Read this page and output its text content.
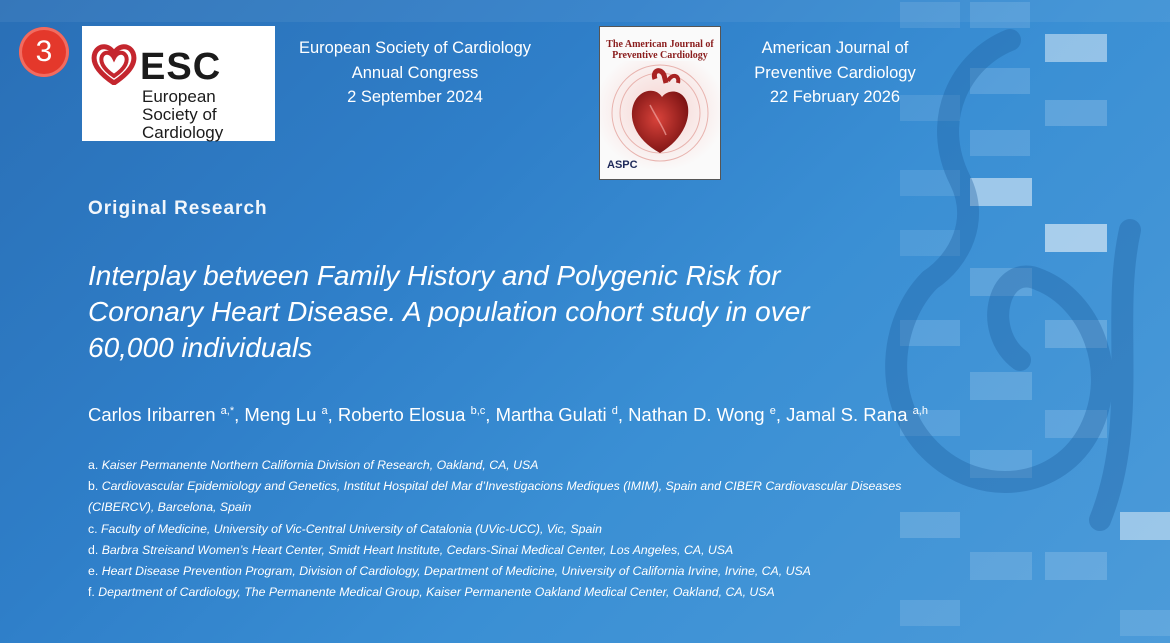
3 ESC
European Society of Cardiology
European Society of Cardiology
Annual Congress
2 September 2024
The American Journal of Preventive Cardiology
ASPC
American Journal of
Preventive Cardiology
22 February 2026
Original Research
Interplay between Family History and Polygenic Risk for Coronary Heart Disease. A population cohort study in over 60,000 individuals
Carlos Iribarren $^{a,*}$, Meng Lu $^a$, Roberto Elosua $^{b,c}$, Martha Gulati $^d$, Nathan D. Wong $^e$, Jamal S. Rana $^{a,h}$
a. Kaiser Permanente Northern California Division of Research, Oakland, CA, USA
b. Cardiovascular Epidemiology and Genetics, Institut Hospital del Mar d’Investigacions Mediques (IMIM), Spain and CIBER Cardiovascular Diseases (CIBERCV), Barcelona, Spain
c. Faculty of Medicine, University of Vic-Central University of Catalonia (UVic-UCC), Vic, Spain
d. Barbra Streisand Women’s Heart Center, Smidt Heart Institute, Cedars-Sinai Medical Center, Los Angeles, CA, USA
e. Heart Disease Prevention Program, Division of Cardiology, Department of Medicine, University of California Irvine, Irvine, CA, USA
f. Department of Cardiology, The Permanente Medical Group, Kaiser Permanente Oakland Medical Center, Oakland, CA, USA
